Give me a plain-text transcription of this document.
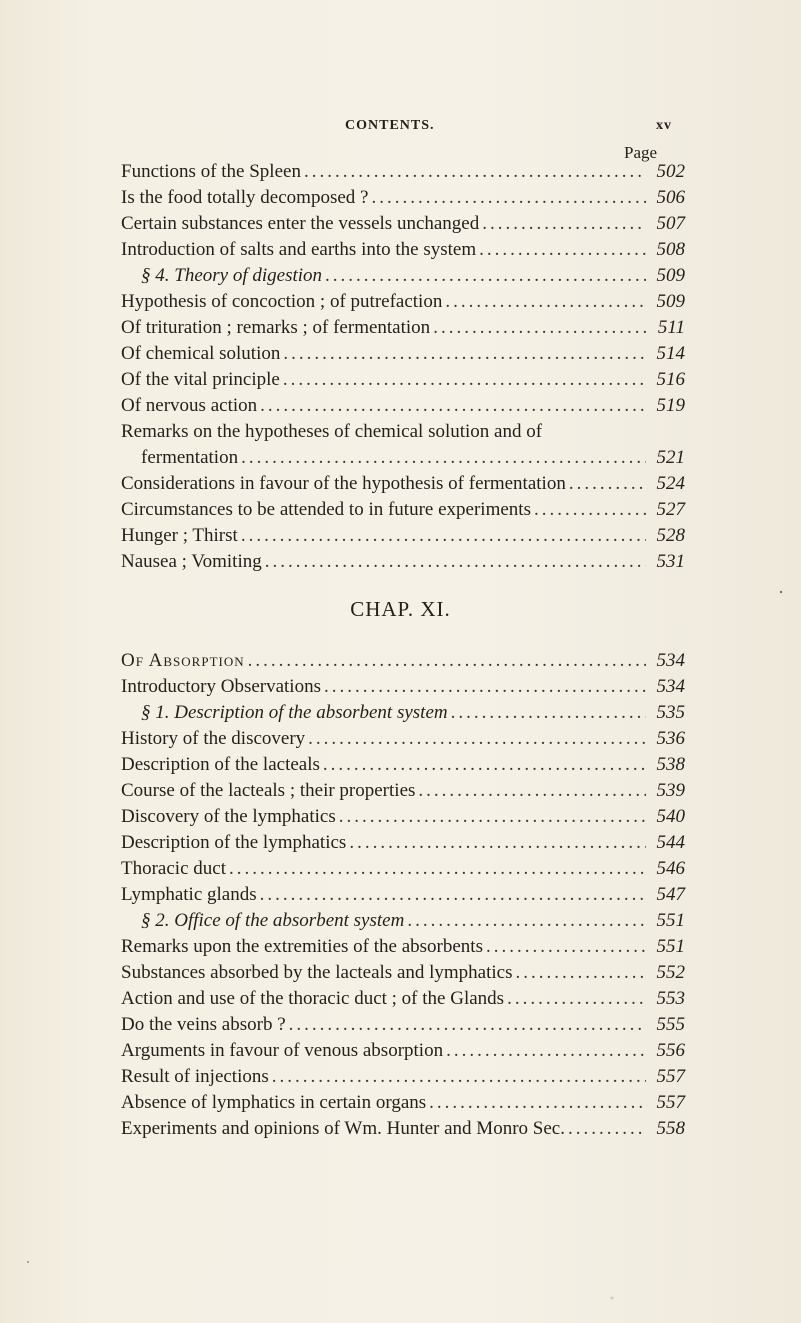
CONTENTS.	xv
Page
Functions of the Spleen .....	502
Is the food totally decomposed ? .....	506
Certain substances enter the vessels unchanged .....	507
Introduction of salts and earths into the system .....	508
§ 4. Theory of digestion .....	509
Hypothesis of concoction ; of putrefaction .....	509
Of trituration ; remarks ; of fermentation .....	511
Of chemical solution .....	514
Of the vital principle .....	516
Of nervous action .....	519
Remarks on the hypotheses of chemical solution and of
fermentation .....	521
Considerations in favour of the hypothesis of fermentation .....	524
Circumstances to be attended to in future experiments .....	527
Hunger ; Thirst .....	528
Nausea ; Vomiting .....	531
CHAP. XI.
Of Absorption .....	534
Introductory Observations .....	534
§ 1. Description of the absorbent system .....	535
History of the discovery .....	536
Description of the lacteals .....	538
Course of the lacteals ; their properties .....	539
Discovery of the lymphatics .....	540
Description of the lymphatics .....	544
Thoracic duct .....	546
Lymphatic glands .....	547
§ 2. Office of the absorbent system .....	551
Remarks upon the extremities of the absorbents .....	551
Substances absorbed by the lacteals and lymphatics .....	552
Action and use of the thoracic duct ; of the Glands .....	553
Do the veins absorb ? .....	555
Arguments in favour of venous absorption .....	556
Result of injections .....	557
Absence of lymphatics in certain organs .....	557
Experiments and opinions of Wm. Hunter and Monro Sec. .....	558
